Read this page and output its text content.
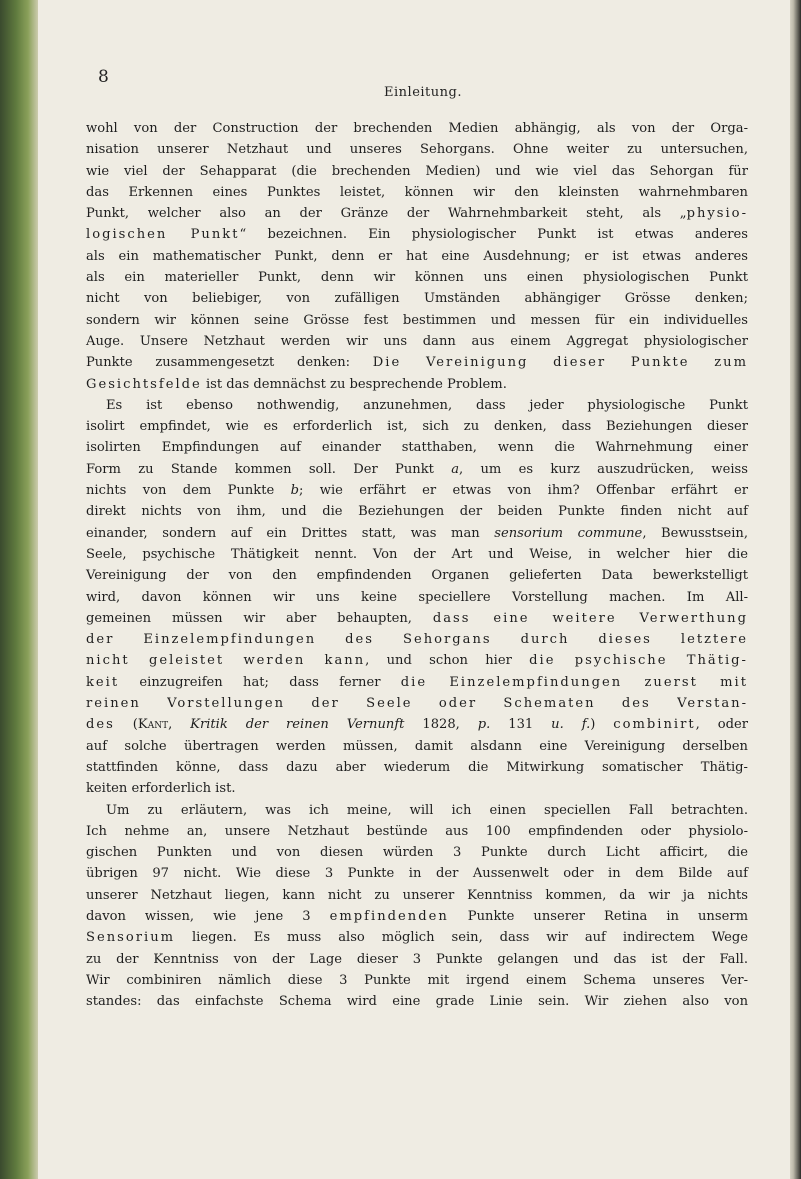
8
Einleitung.
wohl von der Construction der brechenden Medien abhängig, als von der Orga-
nisation unserer Netzhaut und unseres Sehorgans. Ohne weiter zu untersuchen,
wie viel der Sehapparat (die brechenden Medien) und wie viel das Sehorgan für
das Erkennen eines Punktes leistet, können wir den kleinsten wahrnehmbaren
Punkt, welcher also an der Gränze der Wahrnehmbarkeit steht, als „physio-
logischen Punkt“ bezeichnen. Ein physiologischer Punkt ist etwas anderes
als ein mathematischer Punkt, denn er hat eine Ausdehnung; er ist etwas anderes
als ein materieller Punkt, denn wir können uns einen physiologischen Punkt
nicht von beliebiger, von zufälligen Umständen abhängiger Grösse denken;
sondern wir können seine Grösse fest bestimmen und messen für ein individuelles
Auge. Unsere Netzhaut werden wir uns dann aus einem Aggregat physiologischer
Punkte zusammengesetzt denken: Die Vereinigung dieser Punkte zum
Gesichtsfelde ist das demnächst zu besprechende Problem.
Es ist ebenso nothwendig, anzunehmen, dass jeder physiologische Punkt
isolirt empfindet, wie es erforderlich ist, sich zu denken, dass Beziehungen dieser
isolirten Empfindungen auf einander statthaben, wenn die Wahrnehmung einer
Form zu Stande kommen soll. Der Punkt a, um es kurz auszudrücken, weiss
nichts von dem Punkte b; wie erfährt er etwas von ihm? Offenbar erfährt er
direkt nichts von ihm, und die Beziehungen der beiden Punkte finden nicht auf
einander, sondern auf ein Drittes statt, was man sensorium commune, Bewusstsein,
Seele, psychische Thätigkeit nennt. Von der Art und Weise, in welcher hier die
Vereinigung der von den empfindenden Organen gelieferten Data bewerkstelligt
wird, davon können wir uns keine speciellere Vorstellung machen. Im All-
gemeinen müssen wir aber behaupten, dass eine weitere Verwerthung
der Einzelempfindungen des Sehorgans durch dieses letztere
nicht geleistet werden kann, und schon hier die psychische Thätig-
keit einzugreifen hat; dass ferner die Einzelempfindungen zuerst mit
reinen Vorstellungen der Seele oder Schematen des Verstan-
des (Kant, Kritik der reinen Vernunft 1828, p. 131 u. f.) combinirt, oder
auf solche übertragen werden müssen, damit alsdann eine Vereinigung derselben
stattfinden könne, dass dazu aber wiederum die Mitwirkung somatischer Thätig-
keiten erforderlich ist.
Um zu erläutern, was ich meine, will ich einen speciellen Fall betrachten.
Ich nehme an, unsere Netzhaut bestünde aus 100 empfindenden oder physiolo-
gischen Punkten und von diesen würden 3 Punkte durch Licht afficirt, die
übrigen 97 nicht. Wie diese 3 Punkte in der Aussenwelt oder in dem Bilde auf
unserer Netzhaut liegen, kann nicht zu unserer Kenntniss kommen, da wir ja nichts
davon wissen, wie jene 3 empfindenden Punkte unserer Retina in unserm
Sensorium liegen. Es muss also möglich sein, dass wir auf indirectem Wege
zu der Kenntniss von der Lage dieser 3 Punkte gelangen und das ist der Fall.
Wir combiniren nämlich diese 3 Punkte mit irgend einem Schema unseres Ver-
standes: das einfachste Schema wird eine grade Linie sein. Wir ziehen also von
